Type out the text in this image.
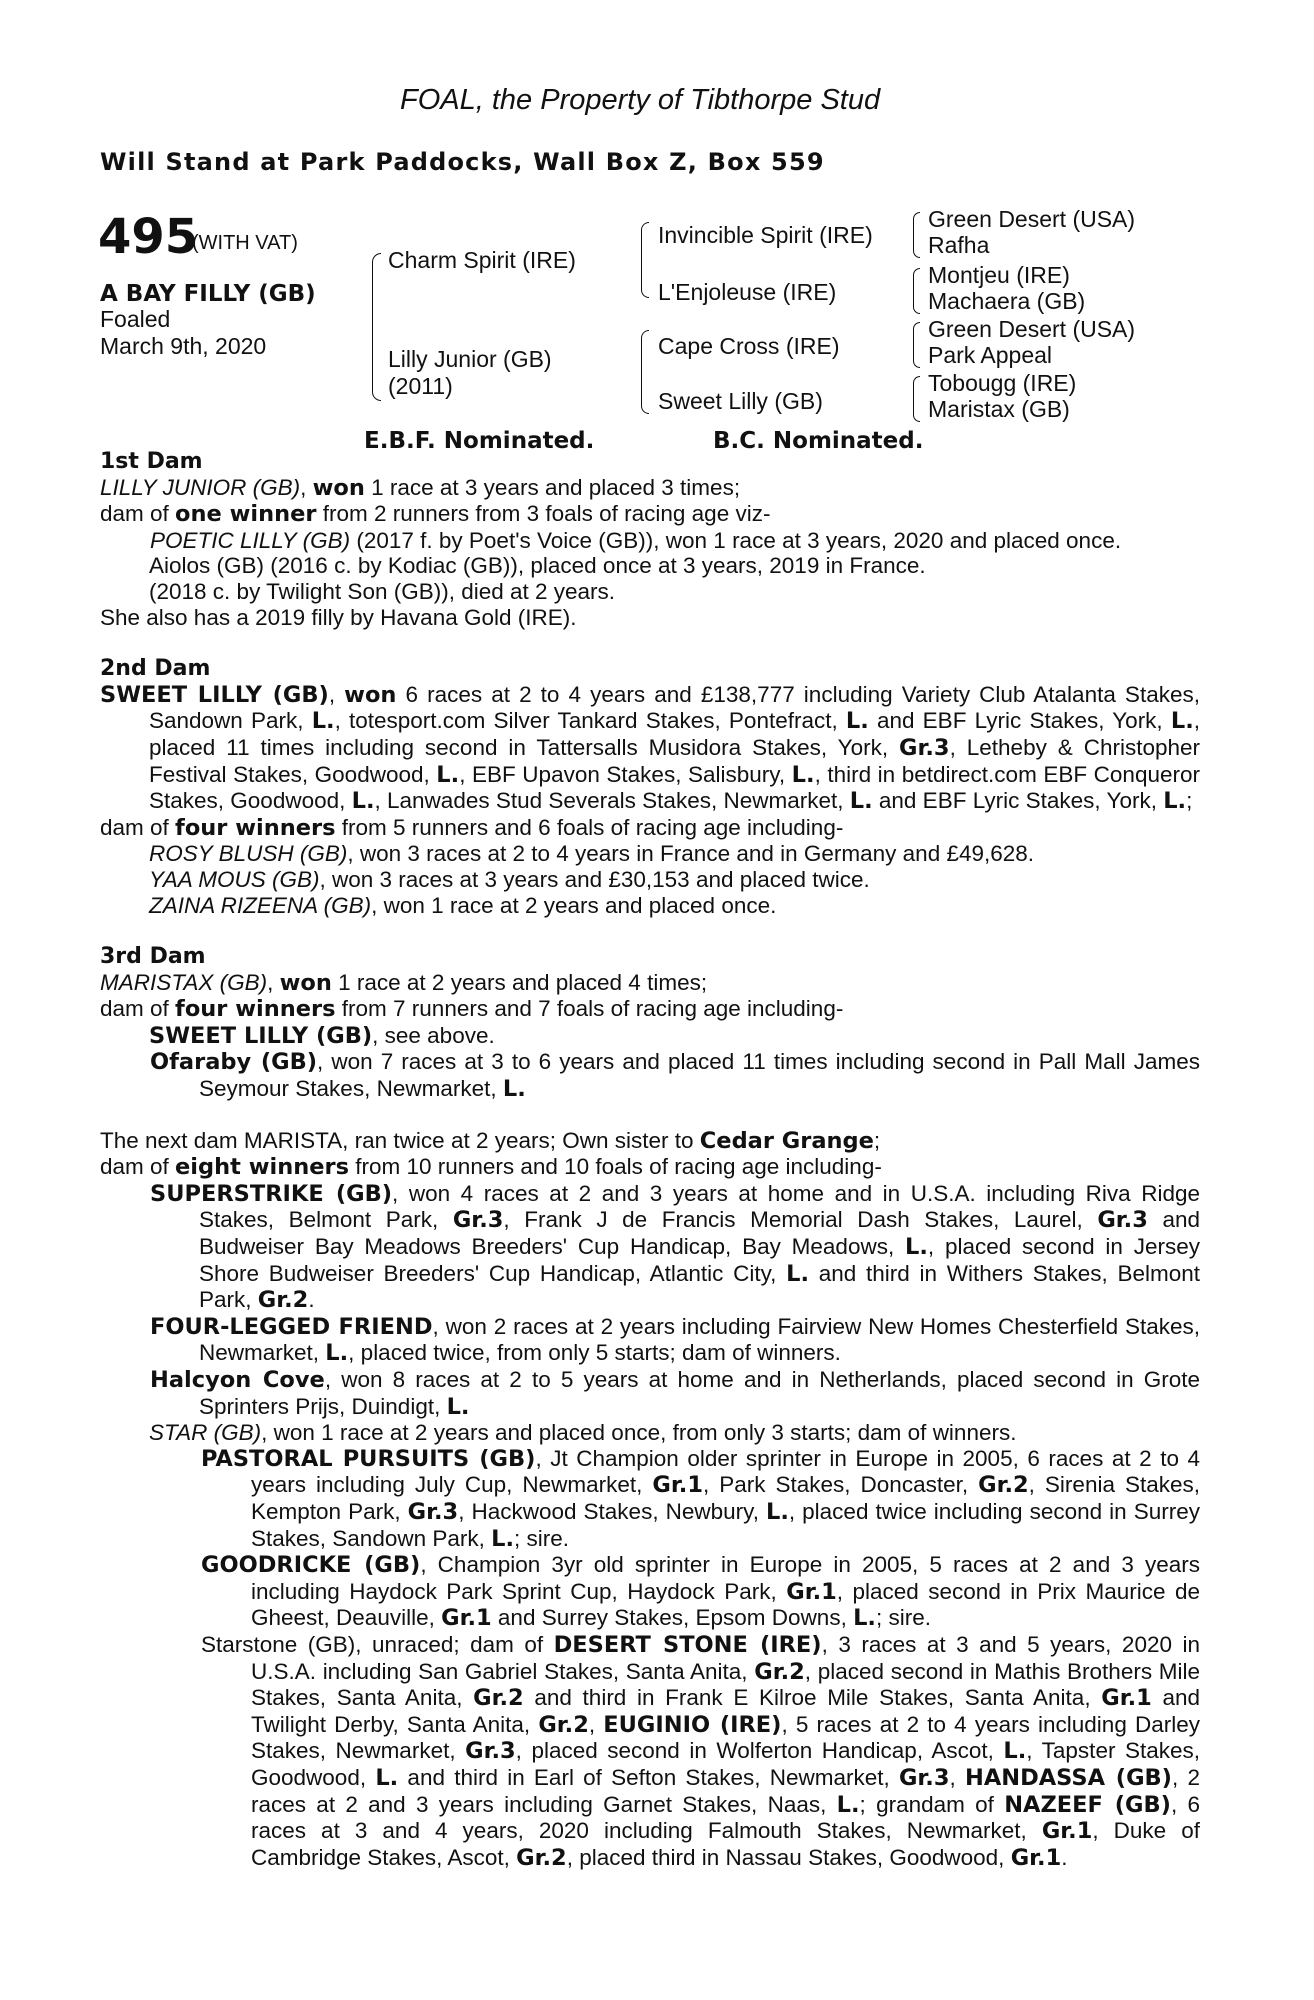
FOAL, the Property of Tibthorpe Stud
Will Stand at Park Paddocks, Wall Box Z, Box 559
495
(WITH VAT)
A BAY FILLY (GB)
Foaled
March 9th, 2020
Charm Spirit (IRE)
Lilly Junior (GB)
(2011)
Invincible Spirit (IRE)
L'Enjoleuse (IRE)
Cape Cross (IRE)
Sweet Lilly (GB)
Green Desert (USA)
Rafha
Montjeu (IRE)
Machaera (GB)
Green Desert (USA)
Park Appeal
Tobougg (IRE)
Maristax (GB)
E.B.F. Nominated.	B.C. Nominated.
1st Dam
LILLY JUNIOR (GB), won 1 race at 3 years and placed 3 times;
dam of one winner from 2 runners from 3 foals of racing age viz-
POETIC LILLY (GB) (2017 f. by Poet's Voice (GB)), won 1 race at 3 years, 2020 and placed once.
Aiolos (GB) (2016 c. by Kodiac (GB)), placed once at 3 years, 2019 in France.
(2018 c. by Twilight Son (GB)), died at 2 years.
She also has a 2019 filly by Havana Gold (IRE).
2nd Dam
SWEET LILLY (GB), won 6 races at 2 to 4 years and £138,777 including Variety Club Atalanta Stakes, Sandown Park, L., totesport.com Silver Tankard Stakes, Pontefract, L. and EBF Lyric Stakes, York, L., placed 11 times including second in Tattersalls Musidora Stakes, York, Gr.3, Letheby & Christopher Festival Stakes, Goodwood, L., EBF Upavon Stakes, Salisbury, L., third in betdirect.com EBF Conqueror Stakes, Goodwood, L., Lanwades Stud Severals Stakes, Newmarket, L. and EBF Lyric Stakes, York, L.;
dam of four winners from 5 runners and 6 foals of racing age including-
ROSY BLUSH (GB), won 3 races at 2 to 4 years in France and in Germany and £49,628.
YAA MOUS (GB), won 3 races at 3 years and £30,153 and placed twice.
ZAINA RIZEENA (GB), won 1 race at 2 years and placed once.
3rd Dam
MARISTAX (GB), won 1 race at 2 years and placed 4 times;
dam of four winners from 7 runners and 7 foals of racing age including-
SWEET LILLY (GB), see above.
Ofaraby (GB), won 7 races at 3 to 6 years and placed 11 times including second in Pall Mall James Seymour Stakes, Newmarket, L.
The next dam MARISTA, ran twice at 2 years; Own sister to Cedar Grange;
dam of eight winners from 10 runners and 10 foals of racing age including-
SUPERSTRIKE (GB), won 4 races at 2 and 3 years at home and in U.S.A. including Riva Ridge Stakes, Belmont Park, Gr.3, Frank J de Francis Memorial Dash Stakes, Laurel, Gr.3 and Budweiser Bay Meadows Breeders' Cup Handicap, Bay Meadows, L., placed second in Jersey Shore Budweiser Breeders' Cup Handicap, Atlantic City, L. and third in Withers Stakes, Belmont Park, Gr.2.
FOUR-LEGGED FRIEND, won 2 races at 2 years including Fairview New Homes Chesterfield Stakes, Newmarket, L., placed twice, from only 5 starts; dam of winners.
Halcyon Cove, won 8 races at 2 to 5 years at home and in Netherlands, placed second in Grote Sprinters Prijs, Duindigt, L.
STAR (GB), won 1 race at 2 years and placed once, from only 3 starts; dam of winners.
PASTORAL PURSUITS (GB), Jt Champion older sprinter in Europe in 2005, 6 races at 2 to 4 years including July Cup, Newmarket, Gr.1, Park Stakes, Doncaster, Gr.2, Sirenia Stakes, Kempton Park, Gr.3, Hackwood Stakes, Newbury, L., placed twice including second in Surrey Stakes, Sandown Park, L.; sire.
GOODRICKE (GB), Champion 3yr old sprinter in Europe in 2005, 5 races at 2 and 3 years including Haydock Park Sprint Cup, Haydock Park, Gr.1, placed second in Prix Maurice de Gheest, Deauville, Gr.1 and Surrey Stakes, Epsom Downs, L.; sire.
Starstone (GB), unraced; dam of DESERT STONE (IRE), 3 races at 3 and 5 years, 2020 in U.S.A. including San Gabriel Stakes, Santa Anita, Gr.2, placed second in Mathis Brothers Mile Stakes, Santa Anita, Gr.2 and third in Frank E Kilroe Mile Stakes, Santa Anita, Gr.1 and Twilight Derby, Santa Anita, Gr.2, EUGINIO (IRE), 5 races at 2 to 4 years including Darley Stakes, Newmarket, Gr.3, placed second in Wolferton Handicap, Ascot, L., Tapster Stakes, Goodwood, L. and third in Earl of Sefton Stakes, Newmarket, Gr.3, HANDASSA (GB), 2 races at 2 and 3 years including Garnet Stakes, Naas, L.; grandam of NAZEEF (GB), 6 races at 3 and 4 years, 2020 including Falmouth Stakes, Newmarket, Gr.1, Duke of Cambridge Stakes, Ascot, Gr.2, placed third in Nassau Stakes, Goodwood, Gr.1.
